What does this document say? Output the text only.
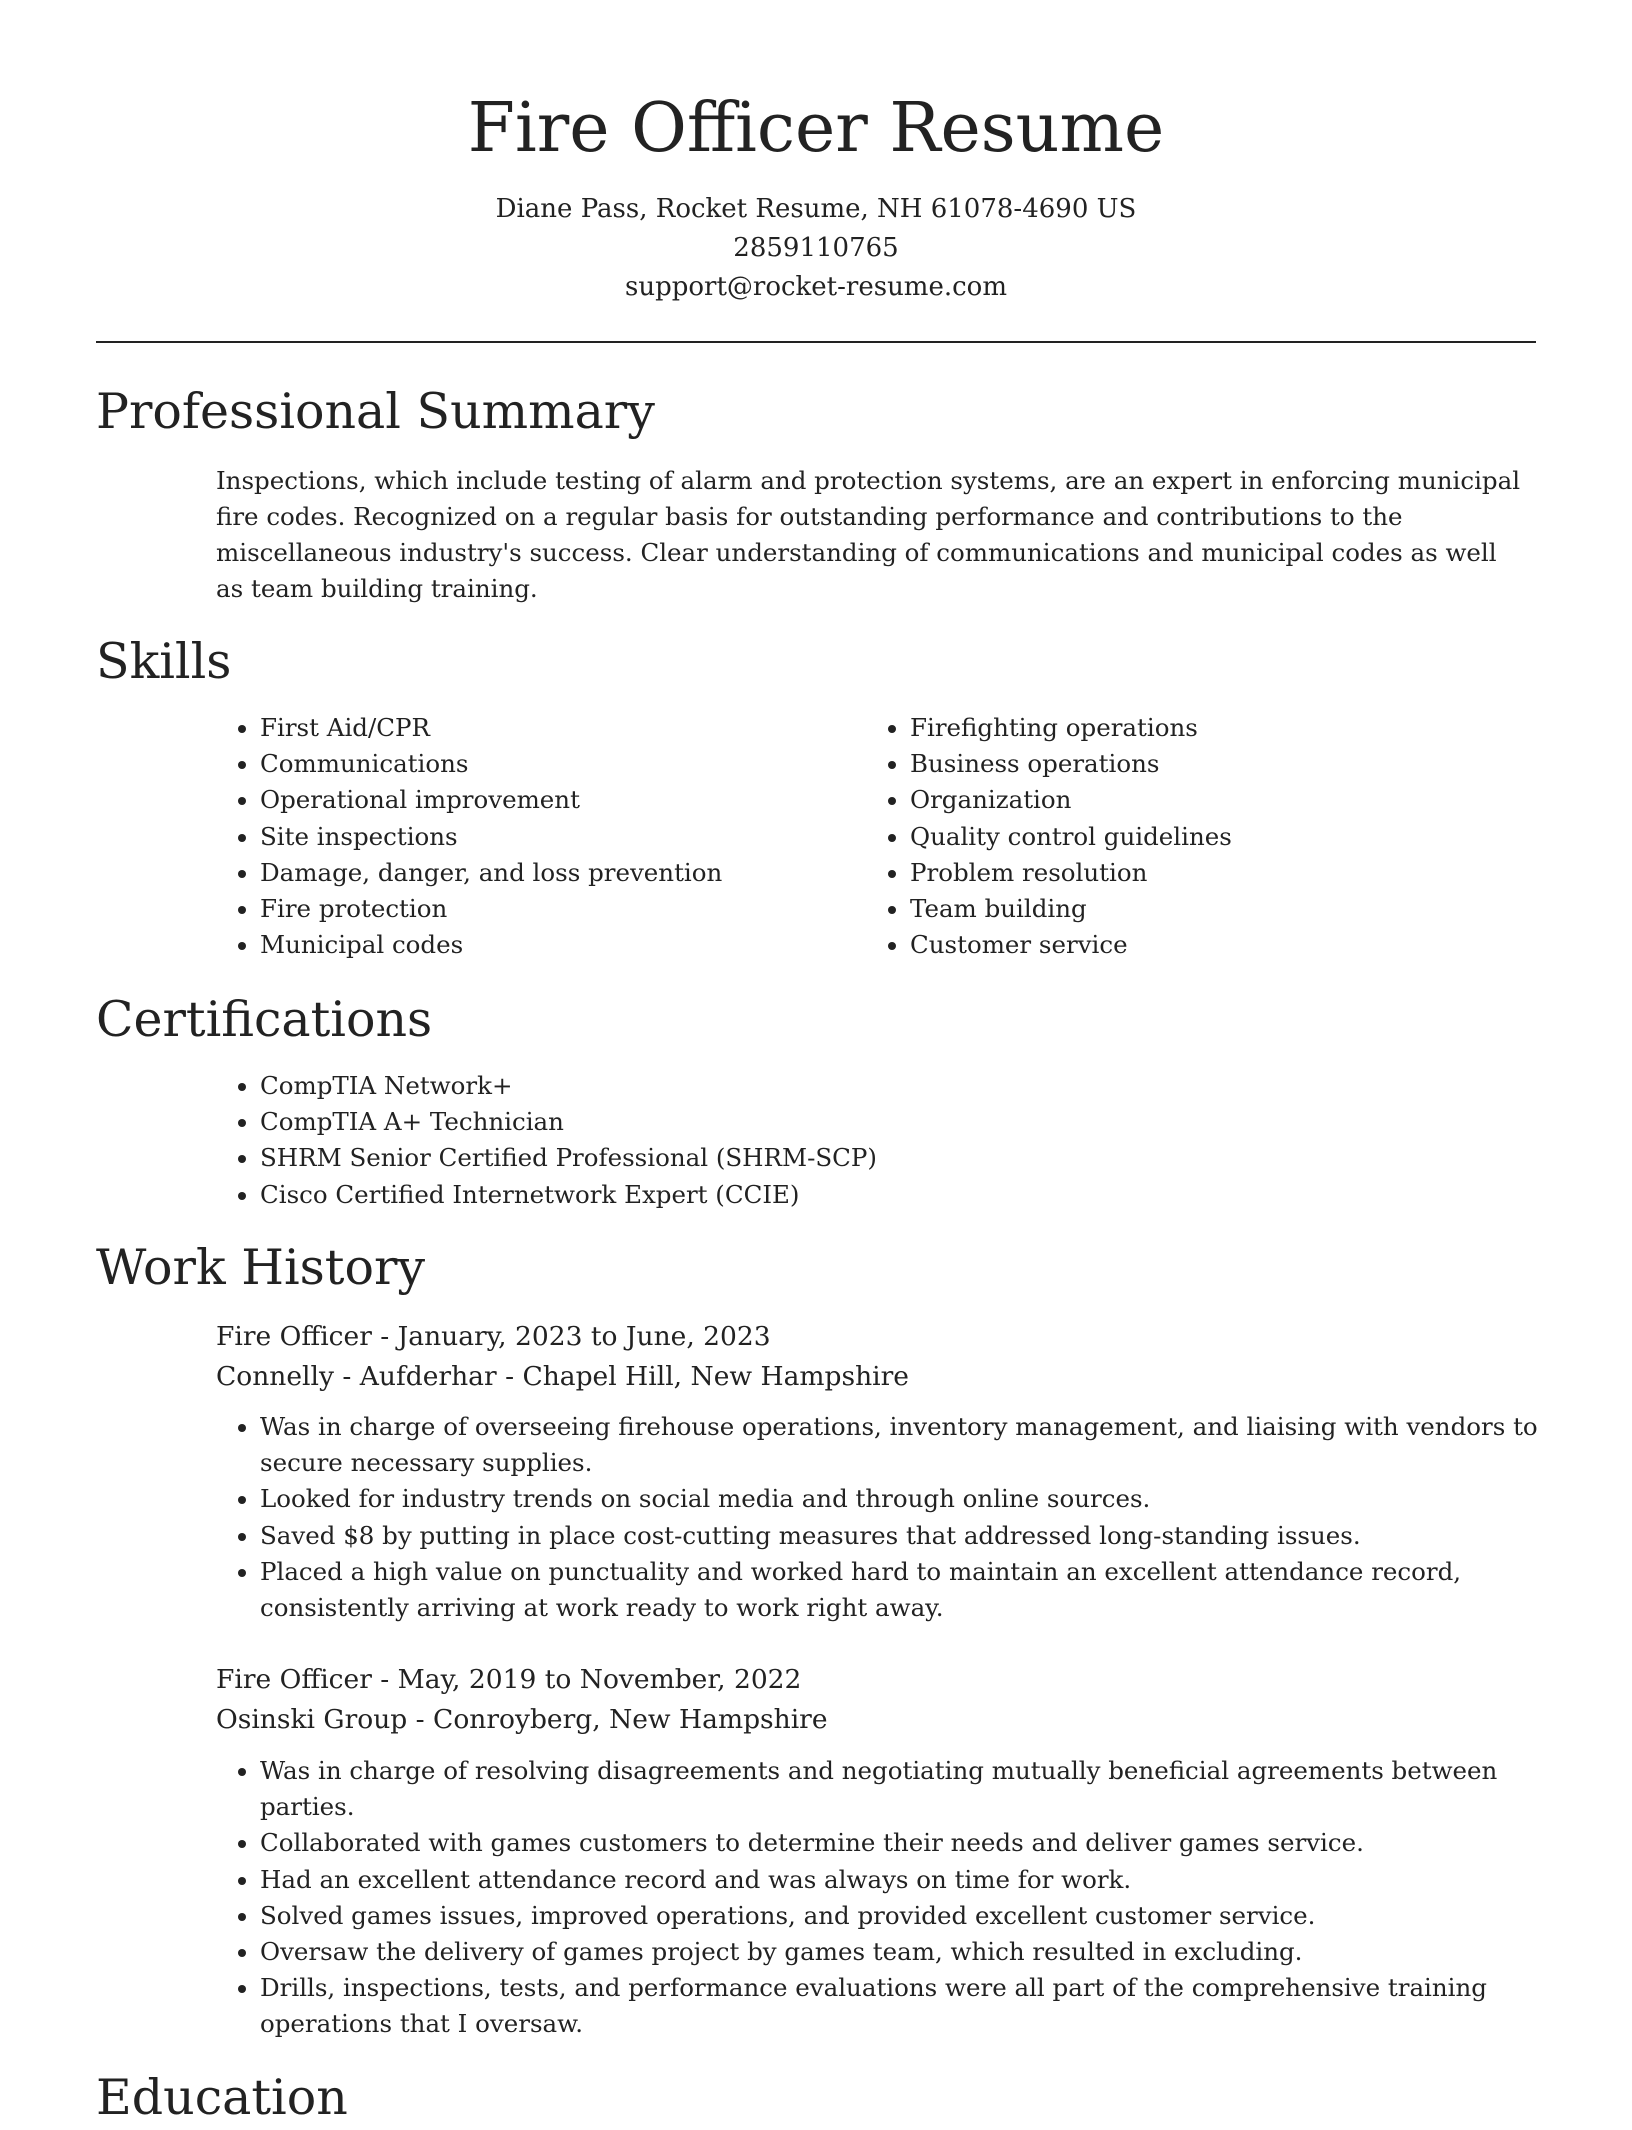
Fire Officer Resume
Diane Pass, Rocket Resume, NH 61078-4690 US
2859110765
support@rocket-resume.com
Professional Summary

Inspections, which include testing of alarm and protection systems, are an expert in enforcing municipal fire codes. Recognized on a regular basis for outstanding performance and contributions to the miscellaneous industry's success. Clear understanding of communications and municipal codes as well as team building training.

Skills
• First Aid/CPR
• Communications
• Operational improvement
• Site inspections
• Damage, danger, and loss prevention
• Fire protection
• Municipal codes
• Firefighting operations
• Business operations
• Organization
• Quality control guidelines
• Problem resolution
• Team building
• Customer service
Certifications
• CompTIA Network+
• CompTIA A+ Technician
• SHRM Senior Certified Professional (SHRM-SCP)
• Cisco Certified Internetwork Expert (CCIE)
Work History
Fire Officer - January, 2023 to June, 2023
Connelly - Aufderhar - Chapel Hill, New Hampshire
• Was in charge of overseeing firehouse operations, inventory management, and liaising with vendors to secure necessary supplies.
• Looked for industry trends on social media and through online sources.
• Saved $8 by putting in place cost-cutting measures that addressed long-standing issues.
• Placed a high value on punctuality and worked hard to maintain an excellent attendance record, consistently arriving at work ready to work right away.
Fire Officer - May, 2019 to November, 2022
Osinski Group - Conroyberg, New Hampshire
• Was in charge of resolving disagreements and negotiating mutually beneficial agreements between parties.
• Collaborated with games customers to determine their needs and deliver games service.
• Had an excellent attendance record and was always on time for work.
• Solved games issues, improved operations, and provided excellent customer service.
• Oversaw the delivery of games project by games team, which resulted in excluding.
• Drills, inspections, tests, and performance evaluations were all part of the comprehensive training operations that I oversaw.
Education
